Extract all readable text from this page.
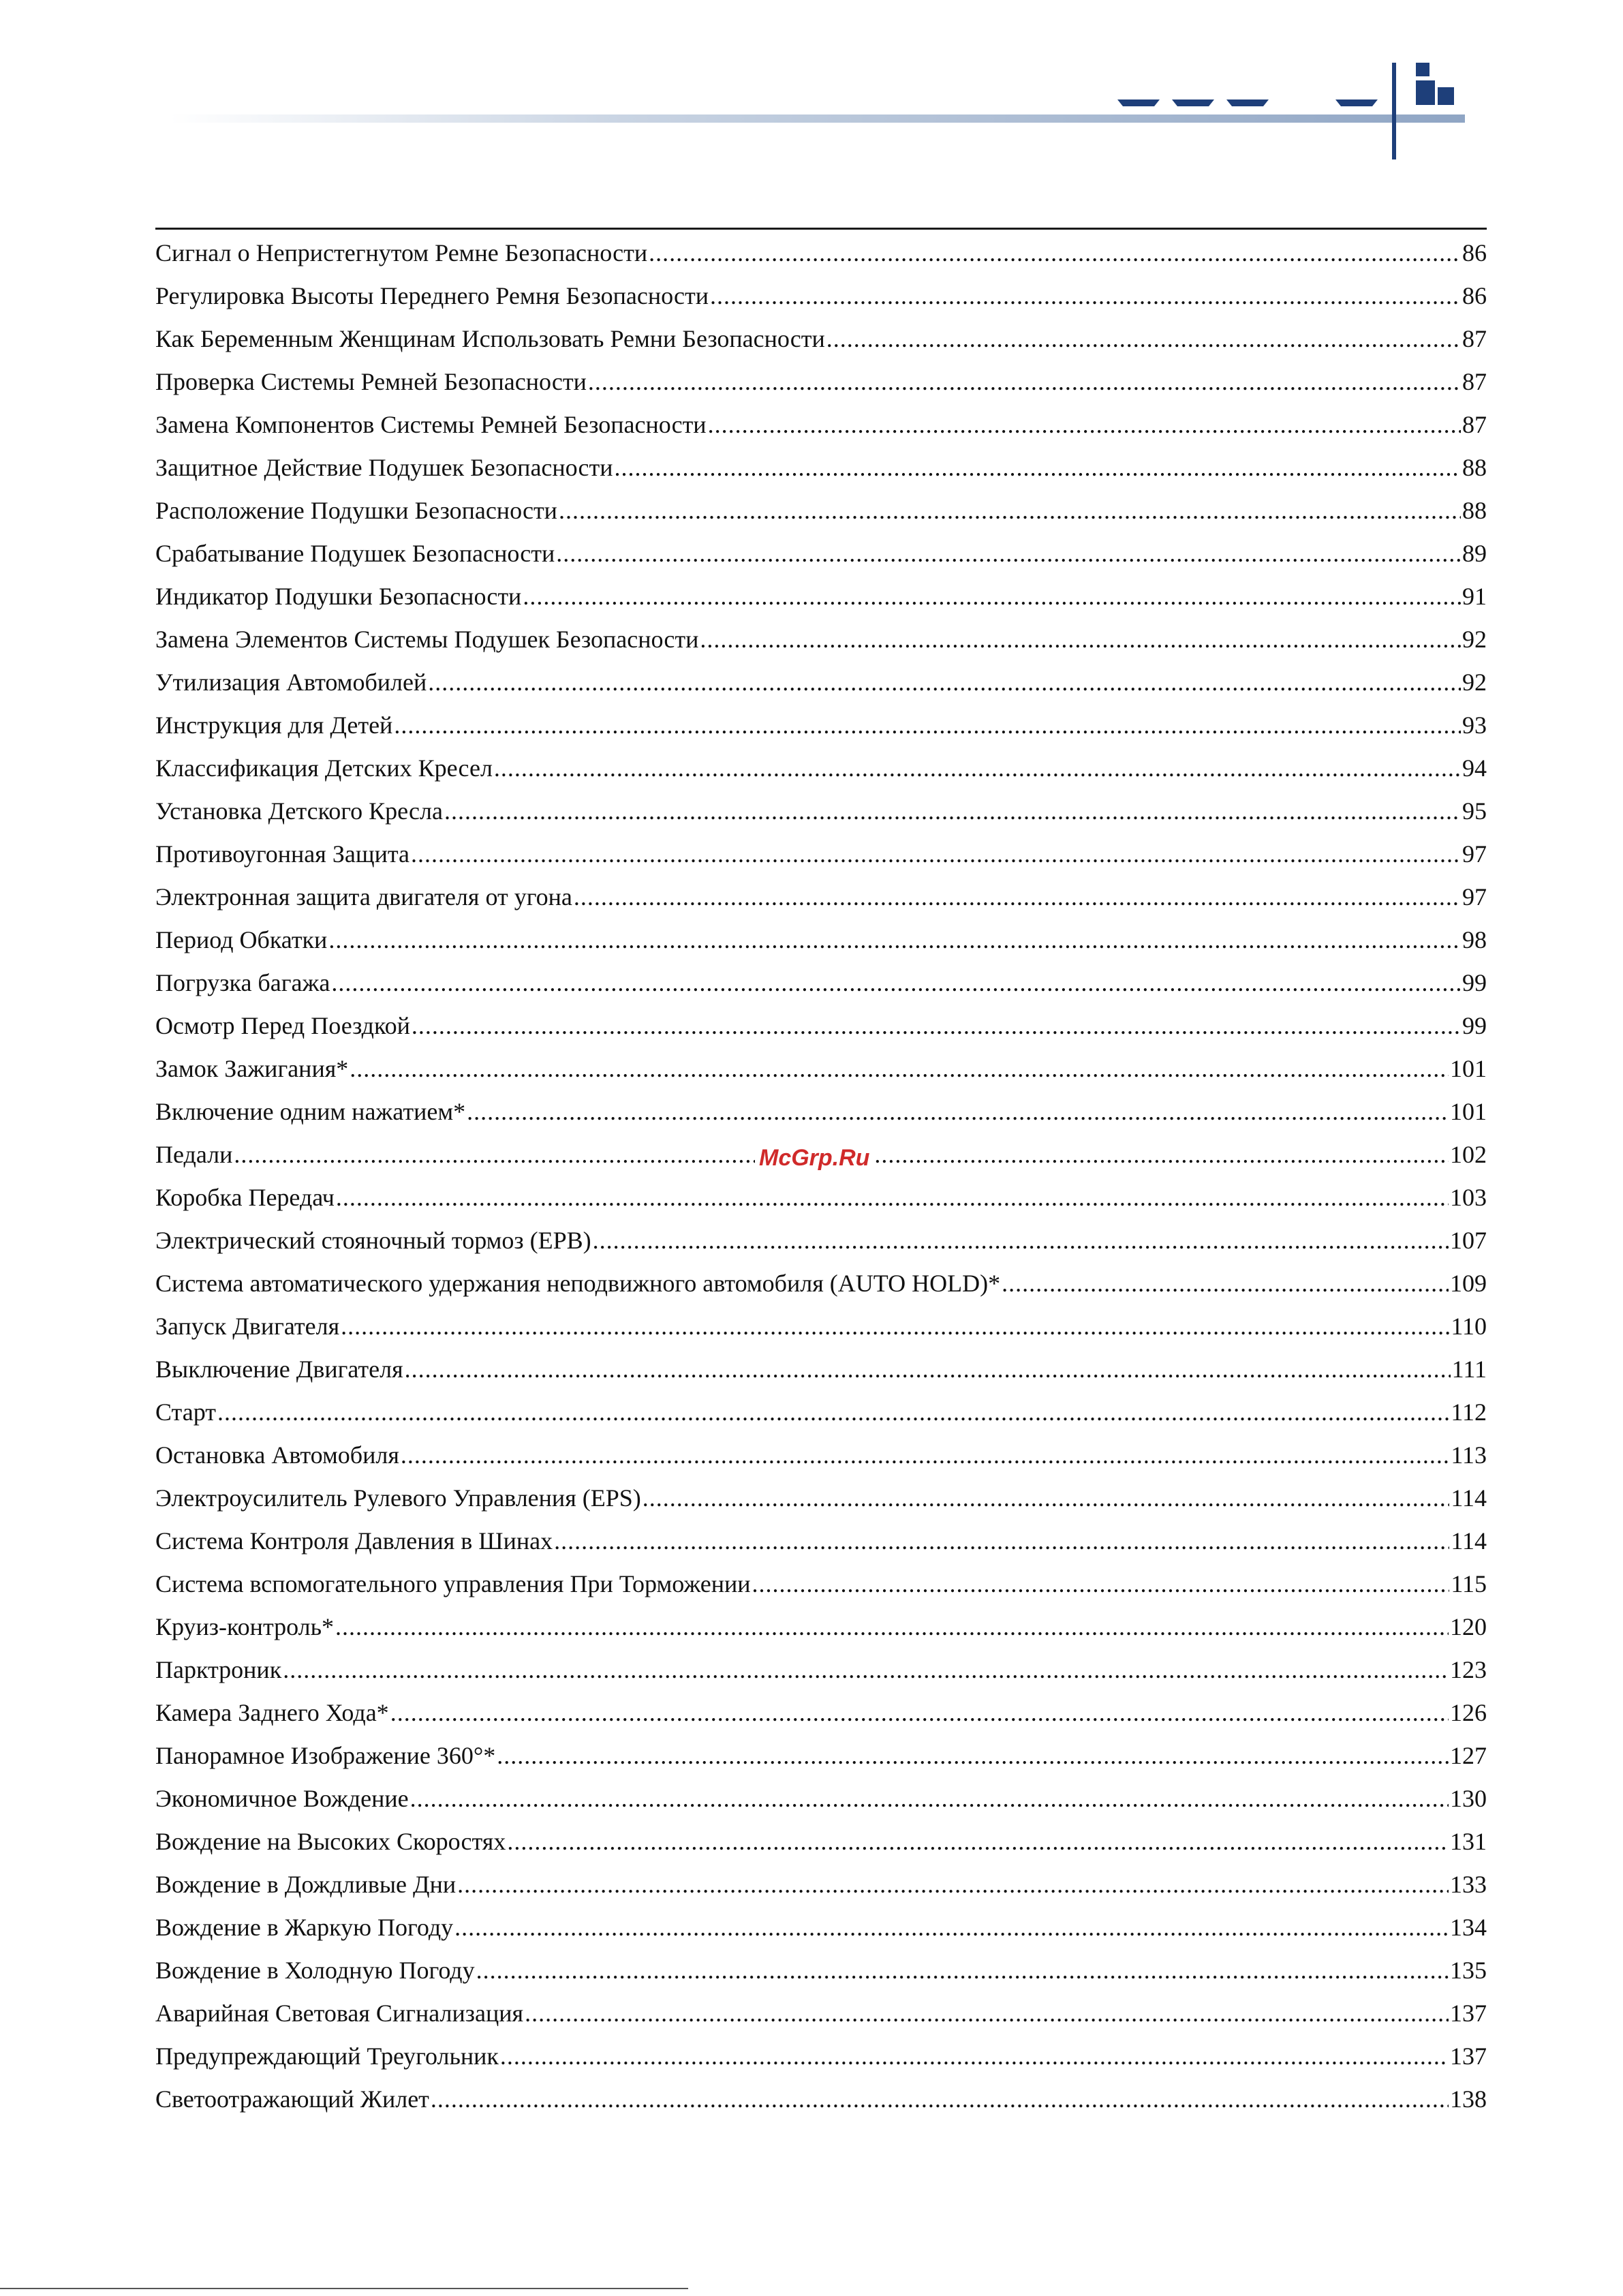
Сигнал о Непристегнутом Ремне Безопасности .....	86
Регулировка Высоты Переднего Ремня Безопасности .....	86
Как Беременным Женщинам Использовать Ремни Безопасности .....	87
Проверка Системы Ремней Безопасности .....	87
Замена Компонентов Системы Ремней Безопасности .....	87
Защитное Действие Подушек Безопасности .....	88
Расположение Подушки Безопасности .....	88
Срабатывание Подушек Безопасности .....	89
Индикатор Подушки Безопасности .....	91
Замена Элементов Системы Подушек Безопасности .....	92
Утилизация Автомобилей .....	92
Инструкция для Детей .....	93
Классификация Детских Кресел .....	94
Установка Детского Кресла .....	95
Противоугонная Защита .....	97
Электронная защита двигателя от угона .....	97
Период Обкатки .....	98
Погрузка багажа .....	99
Осмотр Перед Поездкой .....	99
Замок Зажигания* .....	101
Включение одним нажатием* .....	101
Педали .....	102
Коробка Передач .....	103
Электрический стояночный тормоз (EPB) .....	107
Система автоматического удержания неподвижного автомобиля (AUTO HOLD)* .....	109
Запуск Двигателя .....	110
Выключение Двигателя .....	111
Старт .....	112
Остановка Автомобиля .....	113
Электроусилитель Рулевого Управления (EPS) .....	114
Система Контроля Давления в Шинах .....	114
Система вспомогательного управления При Торможении .....	115
Круиз-контроль* .....	120
Парктроник .....	123
Камера Заднего Хода* .....	126
Панорамное Изображение 360°* .....	127
Экономичное Вождение .....	130
Вождение на Высоких Скоростях .....	131
Вождение в Дождливые Дни .....	133
Вождение в Жаркую Погоду .....	134
Вождение в Холодную Погоду .....	135
Аварийная Световая Сигнализация .....	137
Предупреждающий Треугольник .....	137
Светоотражающий Жилет .....	138
McGrp.Ru
